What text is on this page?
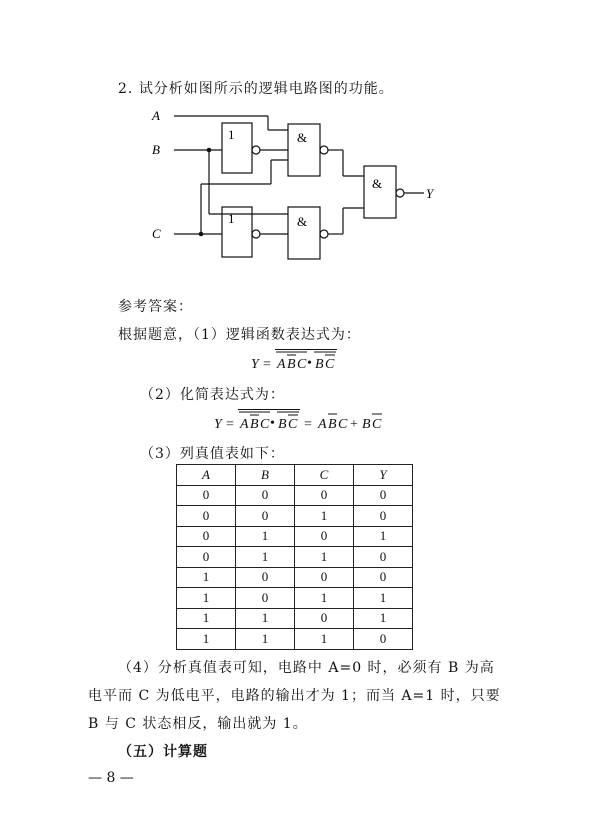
2. 试分析如图所示的逻辑电路图的功能。
A
B
C
Y
1
1
&
&
&
参考答案：
根据题意，（1）逻辑函数表达式为：
Y = A B C • B C
（2）化简表达式为：
Y = A B C • B C = A B C + B C
（3）列真值表如下：
A	B	C	Y
0	0	0	0
0	0	1	0
0	1	0	1
0	1	1	0
1	0	0	0
1	0	1	1
1	1	0	1
1	1	1	0
（4）分析真值表可知，电路中 A=0 时，必须有 B 为高
电平而 C 为低电平，电路的输出才为 1；而当 A=1 时，只要
B 与 C 状态相反，输出就为 1。
（五）计算题
— 8 —
